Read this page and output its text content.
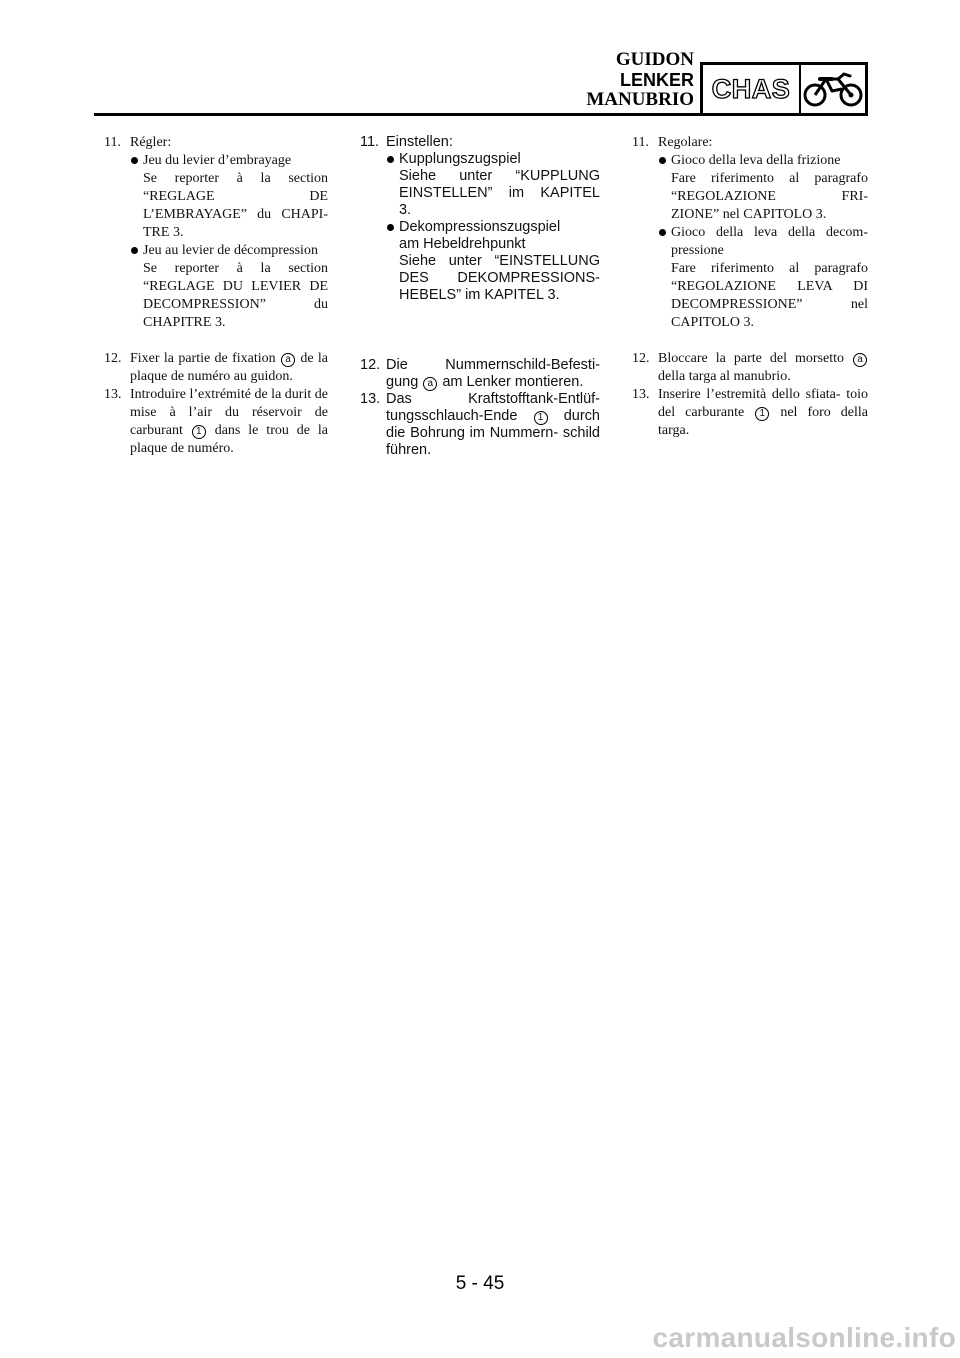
GUIDON
LENKER
MANUBRIO CHAS
11. Régler:
Jeu du levier d’embrayage
Se reporter à la section
“REGLAGE DE
L’EMBRAYAGE” du CHAPI-
TRE 3.
Jeu au levier de décompression
Se reporter à la section
“REGLAGE DU LEVIER DE
DECOMPRESSION” du
CHAPITRE 3.
12. Fixer la partie de fixation a de la plaque de numéro au guidon.
13. Introduire l’extrémité de la durit de mise à l’air du réservoir de carburant 1 dans le trou de la plaque de numéro.
11. Einstellen:
Kupplungszugspiel
Siehe unter “KUPPLUNG
EINSTELLEN” im KAPITEL
3.
Dekompressionszugspiel
am Hebeldrehpunkt
Siehe unter “EINSTELLUNG
DES DEKOMPRESSIONS-
HEBELS” im KAPITEL 3.
12. Die Nummernschild-Befesti- gung a am Lenker montieren.
13. Das Kraftstofftank-Entlüf- tungsschlauch-Ende 1 durch die Bohrung im Nummern- schild führen.
11. Regolare:
Gioco della leva della frizione
Fare riferimento al paragrafo
“REGOLAZIONE FRI-
ZIONE” nel CAPITOLO 3.
Gioco della leva della decom-
pressione
Fare riferimento al paragrafo
“REGOLAZIONE LEVA DI
DECOMPRESSIONE” nel
CAPITOLO 3.
12. Bloccare la parte del morsetto a della targa al manubrio.
13. Inserire l’estremità dello sfiata- toio del carburante 1 nel foro della targa.
5 - 45
carmanualsonline.info
